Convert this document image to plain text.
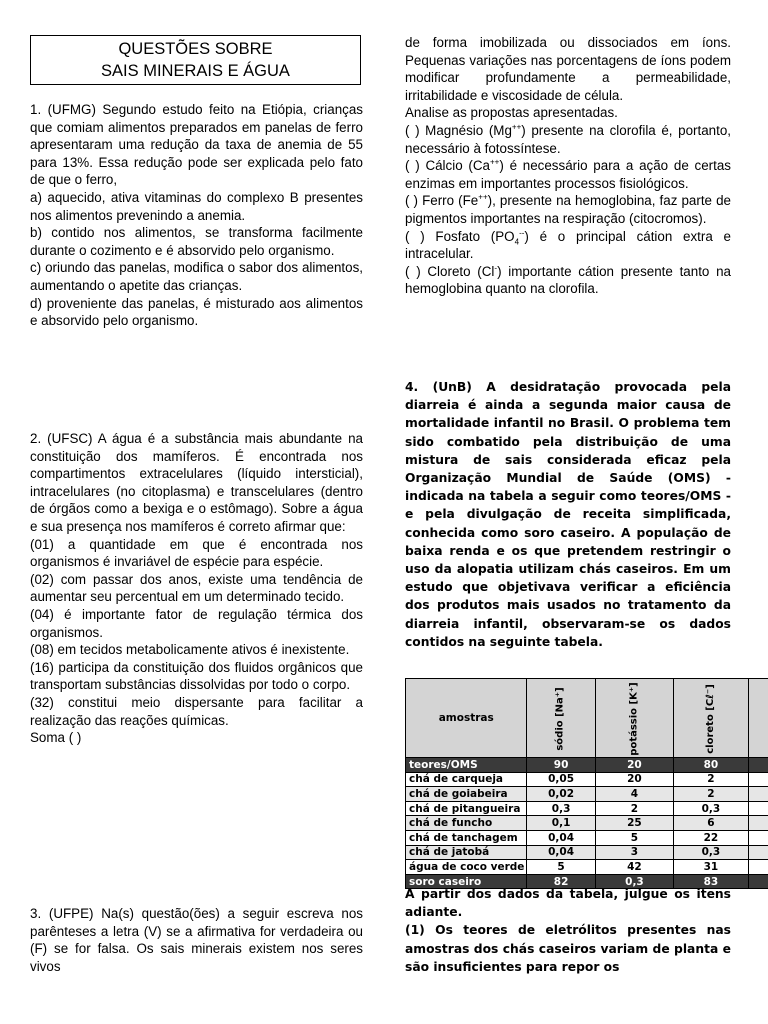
QUESTÕES SOBRE
SAIS MINERAIS E ÁGUA

1. (UFMG) Segundo estudo feito na Etiópia, crianças que comiam alimentos preparados em panelas de ferro apresentaram uma redução da taxa de anemia de 55 para 13%. Essa redução pode ser explicada pelo fato de que o ferro,

a) aquecido, ativa vitaminas do complexo B presentes nos alimentos prevenindo a anemia.

b) contido nos alimentos, se transforma facilmente durante o cozimento e é absorvido pelo organismo.

c) oriundo das panelas, modifica o sabor dos alimentos, aumentando o apetite das crianças.

d) proveniente das panelas, é misturado aos alimentos e absorvido pelo organismo.

2. (UFSC) A água é a substância mais abundante na constituição dos mamíferos. É encontrada nos compartimentos extracelulares (líquido intersticial), intracelulares (no citoplasma) e transcelulares (dentro de órgãos como a bexiga e o estômago). Sobre a água e sua presença nos mamíferos é correto afirmar que:

(01) a quantidade em que é encontrada nos organismos é invariável de espécie para espécie.

(02) com passar dos anos, existe uma tendência de aumentar seu percentual em um determinado tecido.

(04) é importante fator de regulação térmica dos organismos.

(08) em tecidos metabolicamente ativos é inexistente.

(16) participa da constituição dos fluidos orgânicos que transportam substâncias dissolvidas por todo o corpo.

(32) constitui meio dispersante para facilitar a realização das reações químicas.

Soma ( )

3. (UFPE) Na(s) questão(ões) a seguir escreva nos parênteses a letra (V) se a afirmativa for verdadeira ou (F) se for falsa. Os sais minerais existem nos seres vivos

de forma imobilizada ou dissociados em íons. Pequenas variações nas porcentagens de íons podem modificar profundamente a permeabilidade, irritabilidade e viscosidade de célula.

Analise as propostas apresentadas.

( ) Magnésio (Mg++) presente na clorofila é, portanto, necessário à fotossíntese.

( ) Cálcio (Ca++) é necessário para a ação de certas enzimas em importantes processos fisiológicos.

( ) Ferro (Fe++), presente na hemoglobina, faz parte de pigmentos importantes na respiração (citocromos).

( ) Fosfato $(PO_4^{--})$ é o principal cátion extra e intracelular.

( ) Cloreto (Cl-) importante cátion presente tanto na hemoglobina quanto na clorofila.

4. (UnB) A desidratação provocada pela diarreia é ainda a segunda maior causa de mortalidade infantil no Brasil. O problema tem sido combatido pela distribuição de uma mistura de sais considerada eficaz pela Organização Mundial de Saúde (OMS) - indicada na tabela a seguir como teores/OMS - e pela divulgação de receita simplificada, conhecida como soro caseiro. A população de baixa renda e os que pretendem restringir o uso da alopatia utilizam chás caseiros. Em um estudo que objetivava verificar a eficiência dos produtos mais usados no tratamento da diarreia infantil, observaram-se os dados contidos na seguinte tabela.

amostras	sódio [Na⁺]	potássio [K⁺]	cloreto [Cℓ⁻]		
teores/OMS	90	20	80		
chá de carqueja	0,05	20	2		
chá de goiabeira	0,02	4	2		
chá de pitangueira	0,3	2	0,3		
chá de funcho	0,1	25	6		
chá de tanchagem	0,04	5	22		
chá de jatobá	0,04	3	0,3		
água de coco verde	5	42	31		
soro caseiro	82	0,3	83		

A partir dos dados da tabela, julgue os itens adiante.

(1) Os teores de eletrólitos presentes nas amostras dos chás caseiros variam de planta e são insuficientes para repor os
